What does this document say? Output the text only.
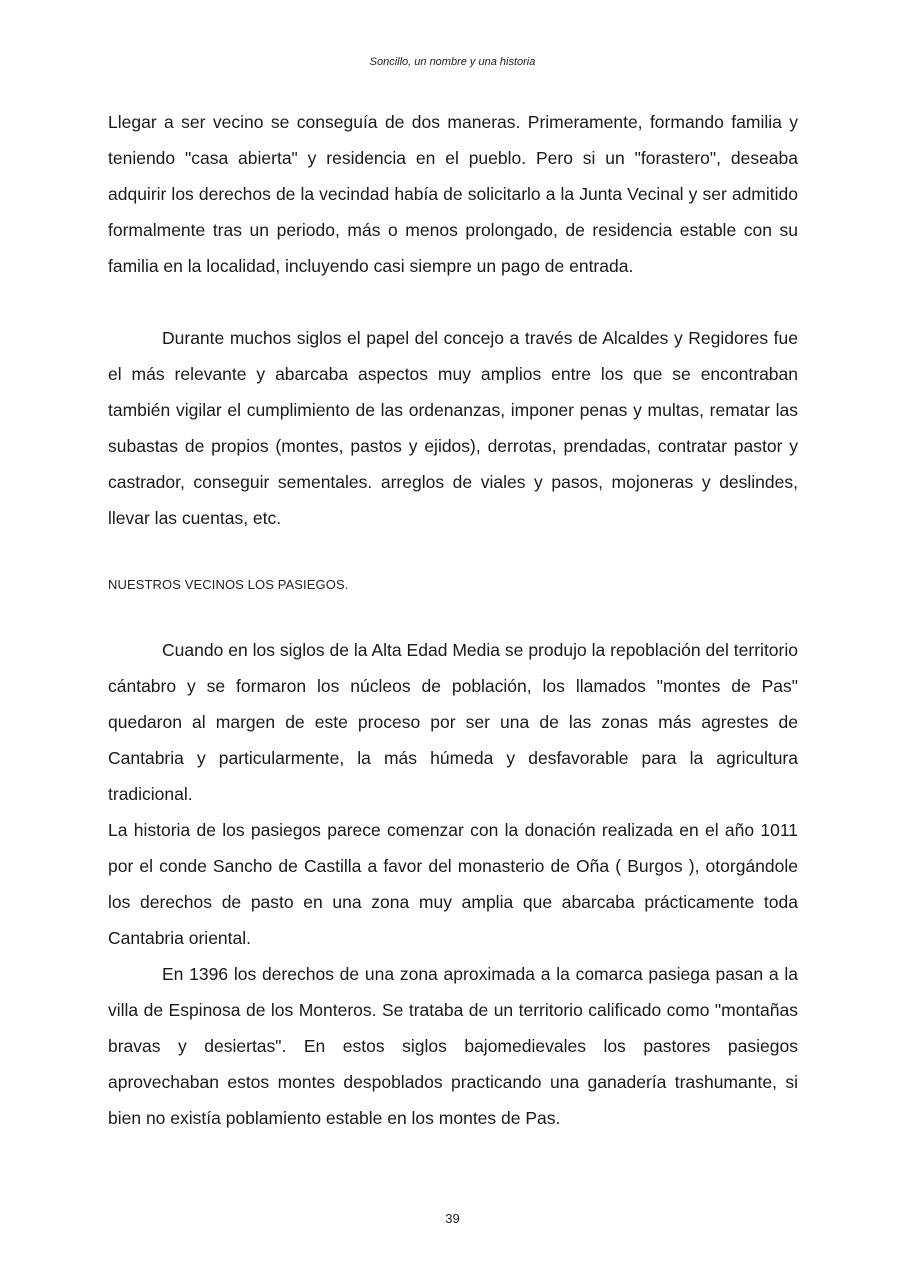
Soncillo, un nombre y una historia

Llegar a ser vecino se conseguía de dos maneras. Primeramente, formando familia y teniendo "casa abierta" y residencia en el pueblo. Pero si un "forastero", deseaba adquirir los derechos de la vecindad había de solicitarlo a la Junta Vecinal y ser admitido formalmente tras un periodo, más o menos prolongado, de residencia estable con su familia en la localidad, incluyendo casi siempre un pago de entrada.

Durante muchos siglos el papel del concejo a través de Alcaldes y Regidores fue el más relevante y abarcaba aspectos muy amplios entre los que se encontraban también vigilar el cumplimiento de las ordenanzas, imponer penas y multas, rematar las subastas de propios (montes, pastos y ejidos), derrotas, prendadas, contratar pastor y castrador, conseguir sementales. arreglos de viales y pasos, mojoneras y deslindes, llevar las cuentas, etc.

NUESTROS VECINOS LOS PASIEGOS.

Cuando en los siglos de la Alta Edad Media se produjo la repoblación del territorio cántabro y se formaron los núcleos de población, los llamados "montes de Pas" quedaron al margen de este proceso por ser una de las zonas más agrestes de Cantabria y particularmente, la más húmeda y desfavorable para la agricultura tradicional.

La historia de los pasiegos parece comenzar con la donación realizada en el año 1011 por el conde Sancho de Castilla a favor del monasterio de Oña ( Burgos ), otorgándole los derechos de pasto en una zona muy amplia que abarcaba prácticamente toda Cantabria oriental.

En 1396 los derechos de una zona aproximada a la comarca pasiega pasan a la villa de Espinosa de los Monteros. Se trataba de un territorio calificado como "montañas bravas y desiertas". En estos siglos bajomedievales los pastores pasiegos aprovechaban estos montes despoblados practicando una ganadería trashumante, si bien no existía poblamiento estable en los montes de Pas.

39
